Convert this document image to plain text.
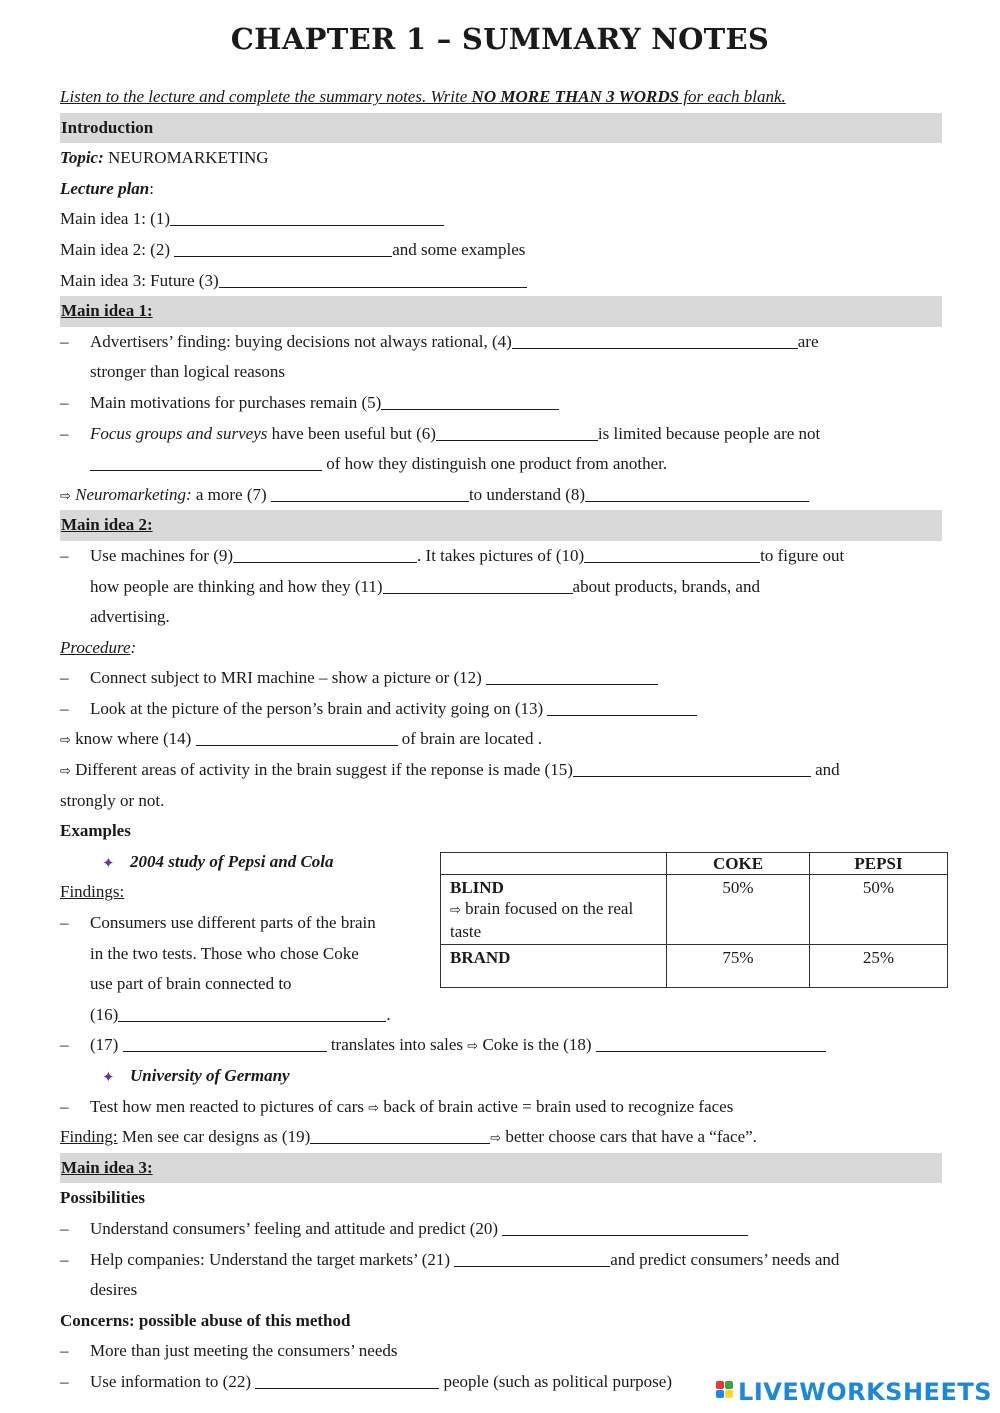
CHAPTER 1 – SUMMARY NOTES
Listen to the lecture and complete the summary notes. Write NO MORE THAN 3 WORDS for each blank.
Introduction
Topic: NEUROMARKETING
Lecture plan:
Main idea 1: (1)
Main idea 2: (2)	and some examples
Main idea 3: Future (3)
Main idea 1:
– Advertisers’ finding: buying decisions not always rational, (4)	are
stronger than logical reasons
– Main motivations for purchases remain (5)
– Focus groups and surveys have been useful but (6)	is limited because people are not
of how they distinguish one product from another.
⇨ Neuromarketing: a more (7)	to understand (8)
Main idea 2:
– Use machines for (9)	. It takes pictures of (10)	to figure out
how people are thinking and how they (11)	about products, brands, and
advertising.
Procedure:
– Connect subject to MRI machine – show a picture or (12)
– Look at the picture of the person’s brain and activity going on (13)
⇨ know where (14)	of brain are located .
⇨ Different areas of activity in the brain suggest if the reponse is made (15)	and
strongly or not.
Examples
✦ 2004 study of Pepsi and Cola
Findings:
– Consumers use different parts of the brain
in the two tests. Those who chose Coke
use part of brain connected to
(16)	.
– (17)	translates into sales ⇨ Coke is the (18)
✦ University of Germany
– Test how men reacted to pictures of cars ⇨ back of brain active = brain used to recognize faces
Finding: Men see car designs as (19)	⇨ better choose cars that have a “face”.
Main idea 3:
Possibilities
– Understand consumers’ feeling and attitude and predict (20)
– Help companies: Understand the target markets’ (21)	and predict consumers’ needs and
desires
Concerns: possible abuse of this method
– More than just meeting the consumers’ needs
– Use information to (22)	people (such as political purpose)
	COKE	PEPSI

BLIND
⇨ brain focused on the real taste	50%	50%
BRAND	75%	25%
LIVEWORKSHEETS
